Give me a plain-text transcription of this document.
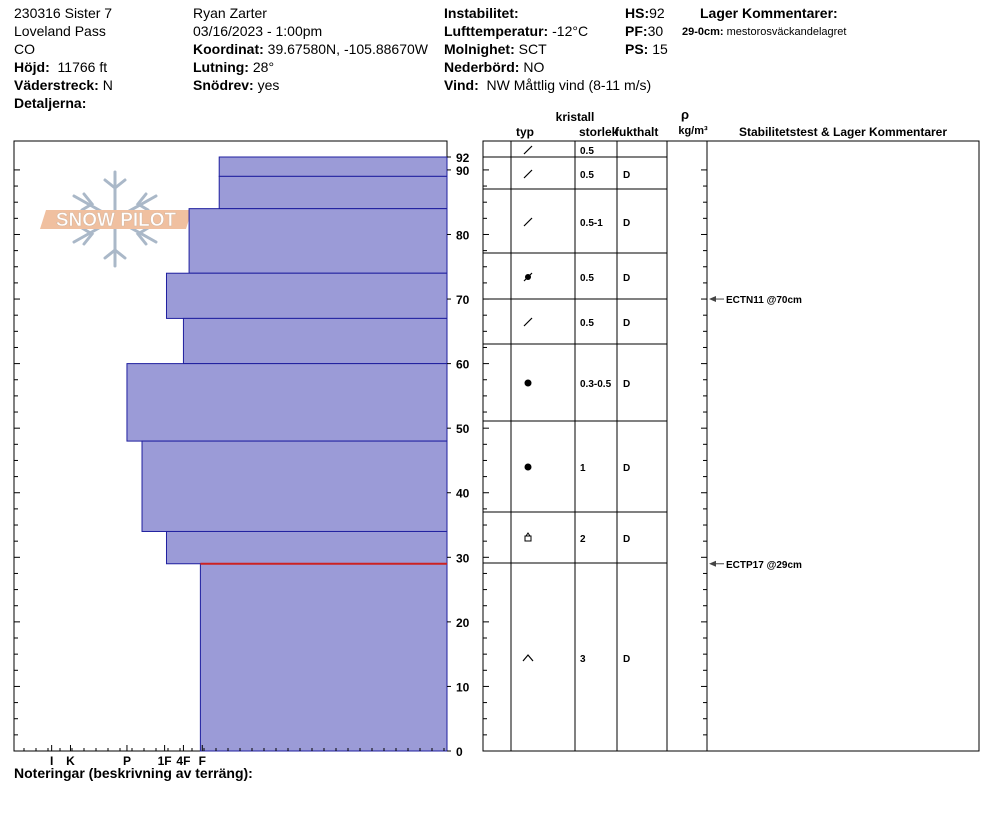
230316 Sister 7
Loveland Pass
CO
Höjd: 11766 ft
Väderstreck: N
Detaljerna:
Ryan Zarter
03/16/2023 - 1:00pm
Koordinat: 39.67580N, -105.88670W
Lutning: 28°
Snödrev: yes
Instabilitet:
Lufttemperatur: -12°C
Molnighet: SCT
Nederbörd: NO
Vind: NW Måttlig vind (8-11 m/s)
HS:92
PF:30
PS: 15
Lager Kommentarer:
29-0cm: mestorosväckandelagret
SNOW PILOT
I K	P 1F 4F F
0
10
20
30
40
50
60
70
80
90
92	0.5
0.5	D
0.5-1 D
0.5	D
0.5	D
0.3-0.5 D
1	D
2	D
3	D
ECTN11 @70cm
ECTP17 @29cm
kristall
typ	storlek
fukthalt
ρ
kg/m³	Stabilitetstest & Lager Kommentarer
Noteringar (beskrivning av terräng):
